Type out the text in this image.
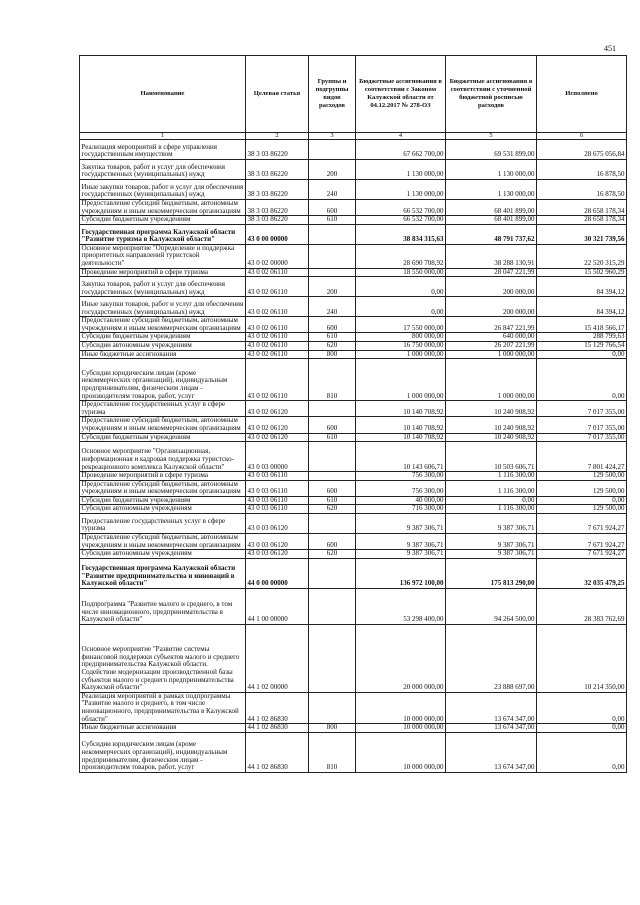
451
Наименование	Целевая статья	Группы и подгруппы видов расходов	Бюджетные ассигнования в соответствии с Законом Калужской области от 04.12.2017 № 278-ОЗ	Бюджетные ассигнования в соответствии с уточненной бюджетной росписью расходов	Исполнено
1	2	3	4	5	6
Реализация мероприятий в сфере управления государственным имуществом	38 3 03 86220		67 662 700,00	69 531 899,00	28 675 056,84
Закупка товаров, работ и услуг для обеспечения государственных (муниципальных) нужд	38 3 03 86220	200	1 130 000,00	1 130 000,00	16 878,50
Иные закупки товаров, работ и услуг для обеспечения государственных (муниципальных) нужд	38 3 03 86220	240	1 130 000,00	1 130 000,00	16 878,50
Предоставление субсидий бюджетным, автономным учреждениям и иным некоммерческим организациям	38 3 03 86220	600	66 532 700,00	68 401 899,00	28 658 178,34
Субсидии бюджетным учреждениям	38 3 03 86220	610	66 532 700,00	68 401 899,00	28 658 178,34
Государственная программа Калужской области "Развитие туризма в Калужской области"	43 0 00 00000		38 834 315,63	48 791 737,62	30 321 739,56
Основное мероприятие "Определение и поддержка приоритетных направлений туристской деятельности"	43 0 02 00000		28 690 708,92	38 288 130,91	22 520 315,29
Проведение мероприятий в сфере туризма	43 0 02 06110		18 550 000,00	28 047 221,99	15 502 960,29
Закупка товаров, работ и услуг для обеспечения государственных (муниципальных) нужд	43 0 02 06110	200	0,00	200 000,00	84 394,12
Иные закупки товаров, работ и услуг для обеспечения государственных (муниципальных) нужд	43 0 02 06110	240	0,00	200 000,00	84 394,12
Предоставление субсидий бюджетным, автономным учреждениям и иным некоммерческим организациям	43 0 02 06110	600	17 550 000,00	26 847 221,99	15 418 566,17
Субсидии бюджетным учреждениям	43 0 02 06110	610	800 000,00	640 000,00	288 799,63
Субсидии автономным учреждениям	43 0 02 06110	620	16 750 000,00	26 207 221,99	15 129 766,54
Иные бюджетные ассигнования	43 0 02 06110	800	1 000 000,00	1 000 000,00	0,00
Субсидии юридическим лицам (кроме некоммерческих организаций), индивидуальным предпринимателям, физическим лицам - производителям товаров, работ, услуг	43 0 02 06110	810	1 000 000,00	1 000 000,00	0,00
Предоставление государственных услуг в сфере туризма	43 0 02 06120		10 140 708,92	10 240 908,92	7 017 355,00
Предоставление субсидий бюджетным, автономным учреждениям и иным некоммерческим организациям	43 0 02 06120	600	10 140 708,92	10 240 908,92	7 017 355,00
Субсидии бюджетным учреждениям	43 0 02 06120	610	10 140 708,92	10 240 908,92	7 017 355,00
Основное мероприятие "Организационная, информационная и кадровая поддержка туристско-рекреационного комплекса Калужской области"	43 0 03 00000		10 143 606,71	10 503 606,71	7 801 424,27
Проведение мероприятий в сфере туризма	43 0 03 06110		756 300,00	1 116 300,00	129 500,00
Предоставление субсидий бюджетным, автономным учреждениям и иным некоммерческим организациям	43 0 03 06110	600	756 300,00	1 116 300,00	129 500,00
Субсидии бюджетным учреждениям	43 0 03 06110	610	40 000,00	0,00	0,00
Субсидии автономным учреждениям	43 0 03 06110	620	716 300,00	1 116 300,00	129 500,00
Предоставление государственных услуг в сфере туризма	43 0 03 06120		9 387 306,71	9 387 306,71	7 671 924,27
Предоставление субсидий бюджетным, автономным учреждениям и иным некоммерческим организациям	43 0 03 06120	600	9 387 306,71	9 387 306,71	7 671 924,27
Субсидии автономным учреждениям	43 0 03 06120	620	9 387 306,71	9 387 306,71	7 671 924,27
Государственная программа Калужской области "Развитие предпринимательства и инноваций в Калужской области"	44 0 00 00000		136 972 100,00	175 813 290,00	32 035 479,25
Подпрограмма "Развитие малого и среднего, в том числе инновационного, предпринимательства в Калужской области"	44 1 00 00000		53 298 400,00	94 264 500,00	28 383 762,69
Основное мероприятие "Развитие системы финансовой поддержки субъектов малого и среднего предпринимательства Калужской области. Содействие модернизации производственной базы субъектов малого и среднего предпринимательства Калужской области"	44 1 02 00000		20 000 000,00	23 888 697,00	10 214 350,00
Реализация мероприятий в рамках подпрограммы "Развитие малого и среднего, в том числе инновационного, предпринимательства в Калужской области"	44 1 02 86830		10 000 000,00	13 674 347,00	0,00
Иные бюджетные ассигнования	44 1 02 86830	800	10 000 000,00	13 674 347,00	0,00
Субсидии юридическим лицам (кроме некоммерческих организаций), индивидуальным предпринимателям, физическим лицам - производителям товаров, работ, услуг	44 1 02 86830	810	10 000 000,00	13 674 347,00	0,00
